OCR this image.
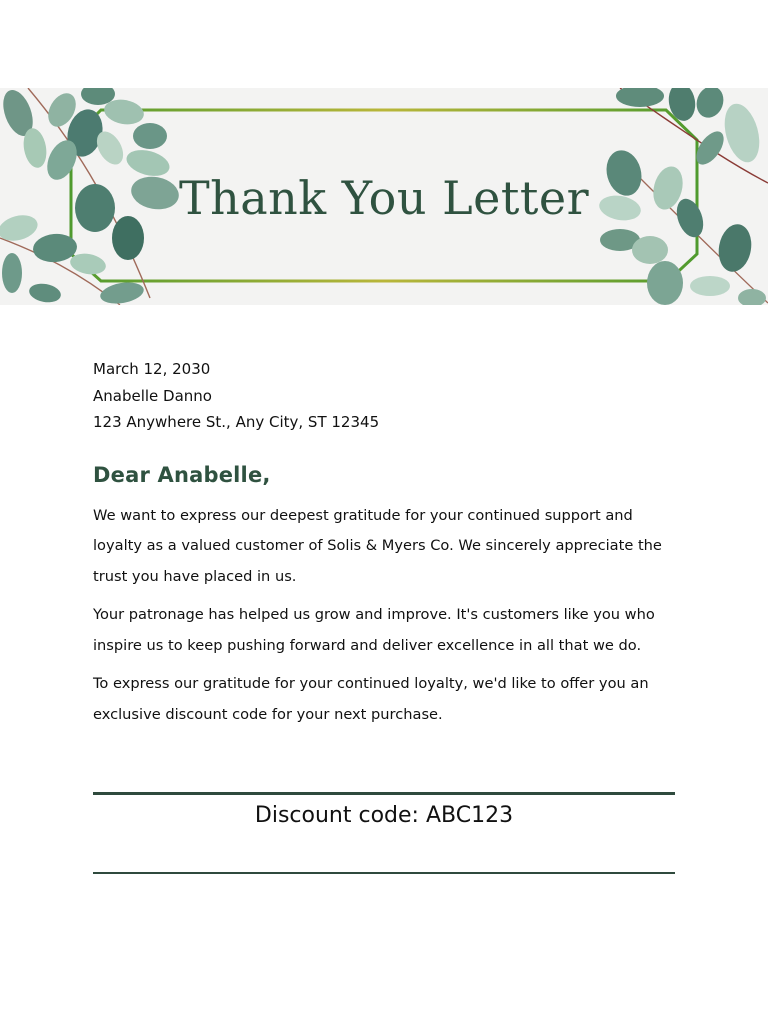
Thank You Letter

March 12, 2030

Anabelle Danno

123 Anywhere St., Any City, ST 12345

Dear Anabelle,

We want to express our deepest gratitude for your continued support and loyalty as a valued customer of Solis & Myers Co. We sincerely appreciate the trust you have placed in us.

Your patronage has helped us grow and improve. It's customers like you who inspire us to keep pushing forward and deliver excellence in all that we do.

To express our gratitude for your continued loyalty, we'd like to offer you an exclusive discount code for your next purchase.

Discount code: ABC123
